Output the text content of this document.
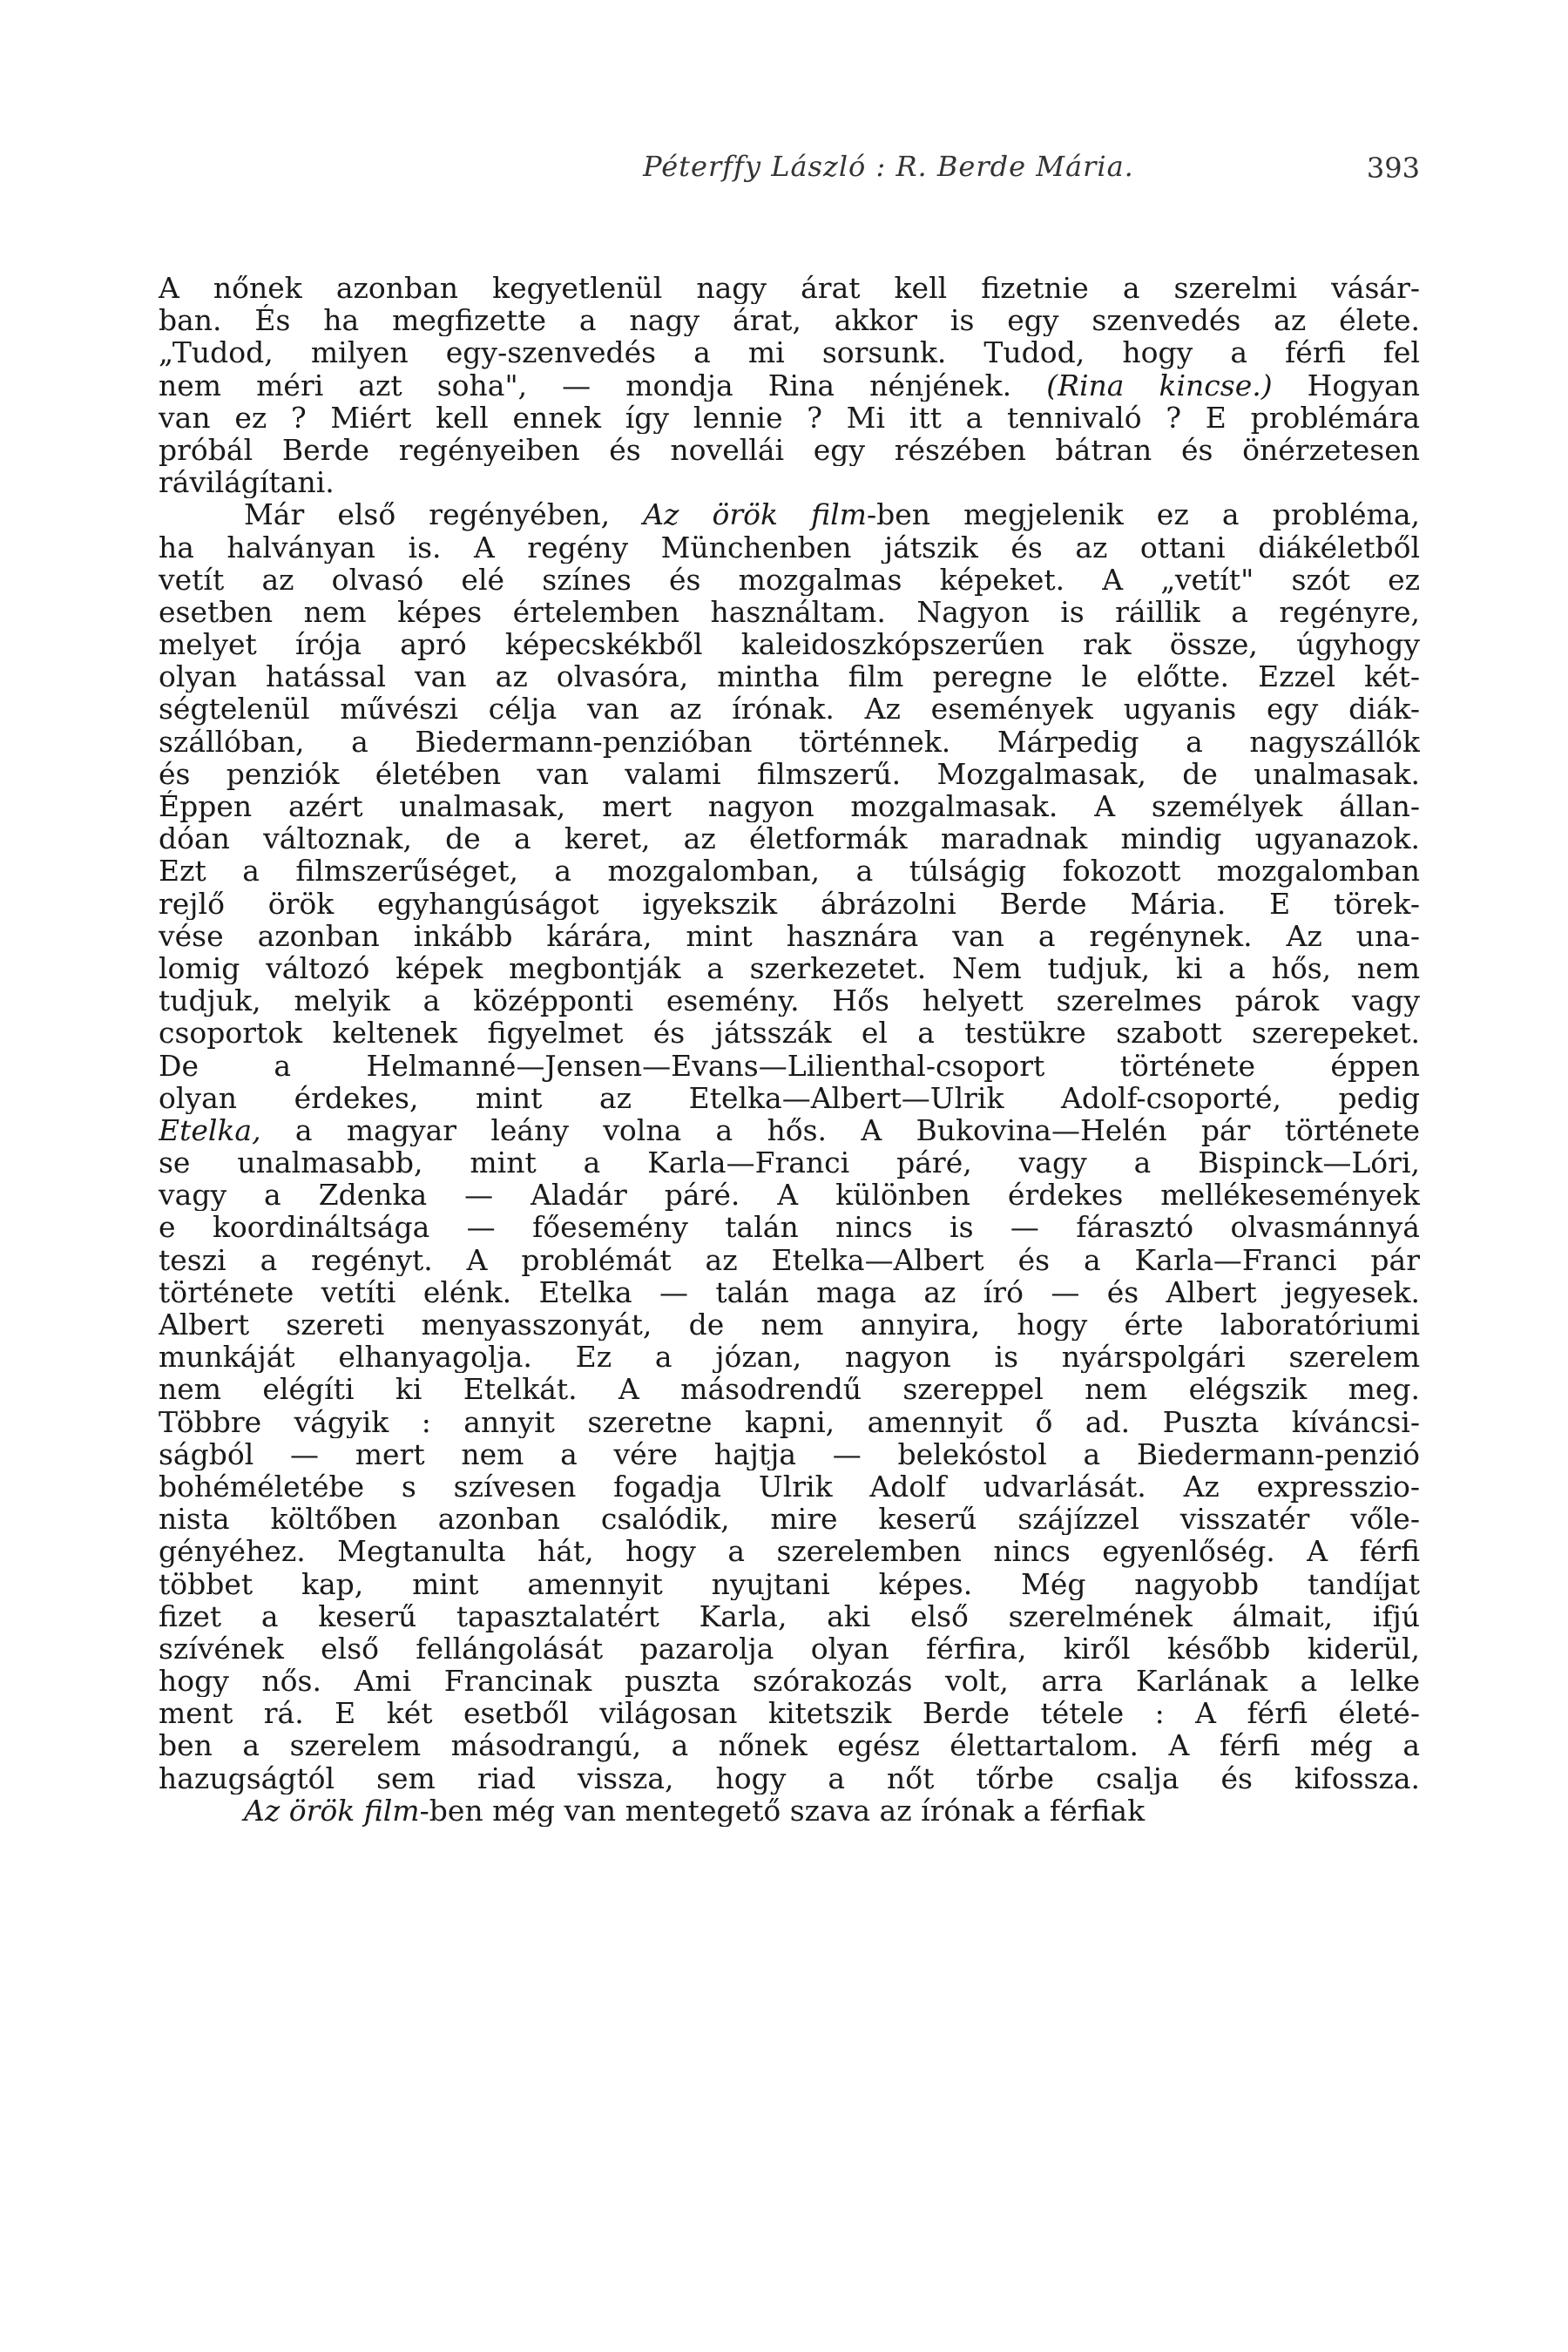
Péterffy László : R. Berde Mária.	393
A nőnek azonban kegyetlenül nagy árat kell fizetnie a szerelmi vásár-
ban. És ha megfizette a nagy árat, akkor is egy szenvedés az élete.
„Tudod, milyen egy-szenvedés a mi sorsunk. Tudod, hogy a férfi fel
nem méri azt soha", — mondja Rina nénjének. (Rina kincse.) Hogyan
van ez ? Miért kell ennek így lennie ? Mi itt a tennivaló ? E problémára
próbál Berde regényeiben és novellái egy részében bátran és önérzetesen
rávilágítani.
Már első regényében, Az örök film-ben megjelenik ez a probléma,
ha halványan is. A regény Münchenben játszik és az ottani diákéletből
vetít az olvasó elé színes és mozgalmas képeket. A „vetít" szót ez
esetben nem képes értelemben használtam. Nagyon is ráillik a regényre,
melyet írója apró képecskékből kaleidoszkópszerűen rak össze, úgyhogy
olyan hatással van az olvasóra, mintha film peregne le előtte. Ezzel két-
ségtelenül művészi célja van az írónak. Az események ugyanis egy diák-
szállóban, a Biedermann-penzióban történnek. Márpedig a nagyszállók
és penziók életében van valami filmszerű. Mozgalmasak, de unalmasak.
Éppen azért unalmasak, mert nagyon mozgalmasak. A személyek állan-
dóan változnak, de a keret, az életformák maradnak mindig ugyanazok.
Ezt a filmszerűséget, a mozgalomban, a túlságig fokozott mozgalomban
rejlő örök egyhangúságot igyekszik ábrázolni Berde Mária. E törek-
vése azonban inkább kárára, mint hasznára van a regénynek. Az una-
lomig változó képek megbontják a szerkezetet. Nem tudjuk, ki a hős, nem
tudjuk, melyik a középponti esemény. Hős helyett szerelmes párok vagy
csoportok keltenek figyelmet és játsszák el a testükre szabott szerepeket.
De a Helmanné—Jensen—Evans—Lilienthal-csoport története éppen
olyan érdekes, mint az Etelka—Albert—Ulrik Adolf-csoporté, pedig
Etelka, a magyar leány volna a hős. A Bukovina—Helén pár története
se unalmasabb, mint a Karla—Franci páré, vagy a Bispinck—Lóri,
vagy a Zdenka — Aladár páré. A különben érdekes mellékesemények
e koordináltsága — főesemény talán nincs is — fárasztó olvasmánnyá
teszi a regényt. A problémát az Etelka—Albert és a Karla—Franci pár
története vetíti elénk. Etelka — talán maga az író — és Albert jegyesek.
Albert szereti menyasszonyát, de nem annyira, hogy érte laboratóriumi
munkáját elhanyagolja. Ez a józan, nagyon is nyárspolgári szerelem
nem elégíti ki Etelkát. A másodrendű szereppel nem elégszik meg.
Többre vágyik : annyit szeretne kapni, amennyit ő ad. Puszta kíváncsi-
ságból — mert nem a vére hajtja — belekóstol a Biedermann-penzió
bohéméletébe s szívesen fogadja Ulrik Adolf udvarlását. Az expresszio-
nista költőben azonban csalódik, mire keserű szájízzel visszatér vőle-
gényéhez. Megtanulta hát, hogy a szerelemben nincs egyenlőség. A férfi
többet kap, mint amennyit nyujtani képes. Még nagyobb tandíjat
fizet a keserű tapasztalatért Karla, aki első szerelmének álmait, ifjú
szívének első fellángolását pazarolja olyan férfira, kiről később kiderül,
hogy nős. Ami Francinak puszta szórakozás volt, arra Karlának a lelke
ment rá. E két esetből világosan kitetszik Berde tétele : A férfi életé-
ben a szerelem másodrangú, a nőnek egész élettartalom. A férfi még a
hazugságtól sem riad vissza, hogy a nőt tőrbe csalja és kifossza.
Az örök film-ben még van mentegető szava az írónak a férfiak
